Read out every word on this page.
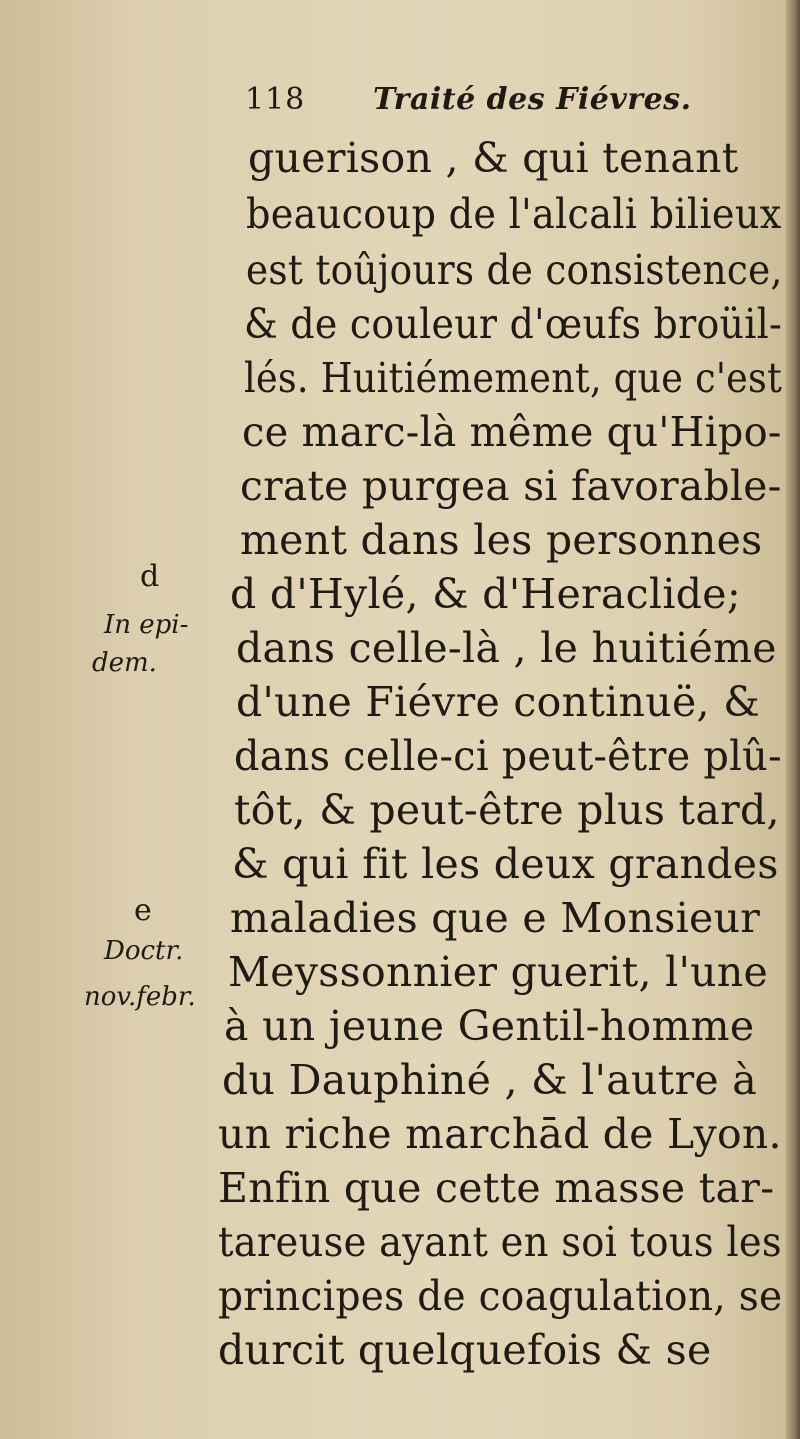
118 Traité des Fiévres.
d
In epi-
dem.
e
Doctr.
nov.febr.
guerison , & qui tenant
beaucoup de l'alcali bilieux
est toûjours de consistence,
& de couleur d'œufs broüil-
lés. Huitiémement, que c'est
ce marc-là même qu'Hipo-
crate purgea si favorable-
ment dans les personnes
d d'Hylé, & d'Heraclide;
dans celle-là , le huitiéme
d'une Fiévre continuë, &
dans celle-ci peut-être plû-
tôt, & peut-être plus tard,
& qui fit les deux grandes
maladies que e Monsieur
Meyssonnier guerit, l'une
à un jeune Gentil-homme
du Dauphiné , & l'autre à
un riche marchād de Lyon.
Enfin que cette masse tar-
tareuse ayant en soi tous les
principes de coagulation, se
durcit quelquefois & se
